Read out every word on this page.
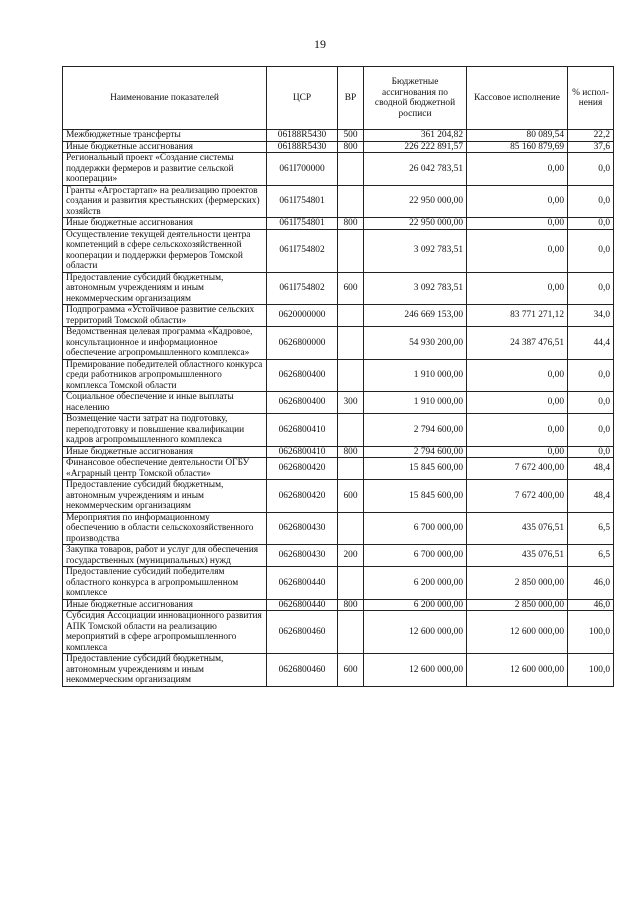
19
Наименование показателей	ЦСР	ВР	Бюджетные ассигнования по сводной бюджетной росписи	Кассовое исполнение	% испол-нения
Межбюджетные трансферты	06188R5430	500	361 204,82	80 089,54	22,2
Иные бюджетные ассигнования	06188R5430	800	226 222 891,57	85 160 879,69	37,6
Региональный проект «Создание системы поддержки фермеров и развитие сельской кооперации»	061I700000		26 042 783,51	0,00	0,0
Гранты «Агростартап» на реализацию проектов создания и развития крестьянских (фермерских) хозяйств	061I754801		22 950 000,00	0,00	0,0
Иные бюджетные ассигнования	061I754801	800	22 950 000,00	0,00	0,0
Осуществление текущей деятельности центра компетенций в сфере сельскохозяйственной кооперации и поддержки фермеров Томской области	061I754802		3 092 783,51	0,00	0,0
Предоставление субсидий бюджетным, автономным учреждениям и иным некоммерческим организациям	061I754802	600	3 092 783,51	0,00	0,0
Подпрограмма «Устойчивое развитие сельских территорий Томской области»	0620000000		246 669 153,00	83 771 271,12	34,0
Ведомственная целевая программа «Кадровое, консультационное и информационное обеспечение агропромышленного комплекса»	0626800000		54 930 200,00	24 387 476,51	44,4
Премирование победителей областного конкурса среди работников агропромышленного комплекса Томской области	0626800400		1 910 000,00	0,00	0,0
Социальное обеспечение и иные выплаты населению	0626800400	300	1 910 000,00	0,00	0,0
Возмещение части затрат на подготовку, переподготовку и повышение квалификации кадров агропромышленного комплекса	0626800410		2 794 600,00	0,00	0,0
Иные бюджетные ассигнования	0626800410	800	2 794 600,00	0,00	0,0
Финансовое обеспечение деятельности ОГБУ «Аграрный центр Томской области»	0626800420		15 845 600,00	7 672 400,00	48,4
Предоставление субсидий бюджетным, автономным учреждениям и иным некоммерческим организациям	0626800420	600	15 845 600,00	7 672 400,00	48,4
Мероприятия по информационному обеспечению в области сельскохозяйственного производства	0626800430		6 700 000,00	435 076,51	6,5
Закупка товаров, работ и услуг для обеспечения государственных (муниципальных) нужд	0626800430	200	6 700 000,00	435 076,51	6,5
Предоставление субсидий победителям областного конкурса в агропромышленном комплексе	0626800440		6 200 000,00	2 850 000,00	46,0
Иные бюджетные ассигнования	0626800440	800	6 200 000,00	2 850 000,00	46,0
Субсидия Ассоциации инновационного развития АПК Томской области на реализацию мероприятий в сфере агропромышленного комплекса	0626800460		12 600 000,00	12 600 000,00	100,0
Предоставление субсидий бюджетным, автономным учреждениям и иным некоммерческим организациям	0626800460	600	12 600 000,00	12 600 000,00	100,0
